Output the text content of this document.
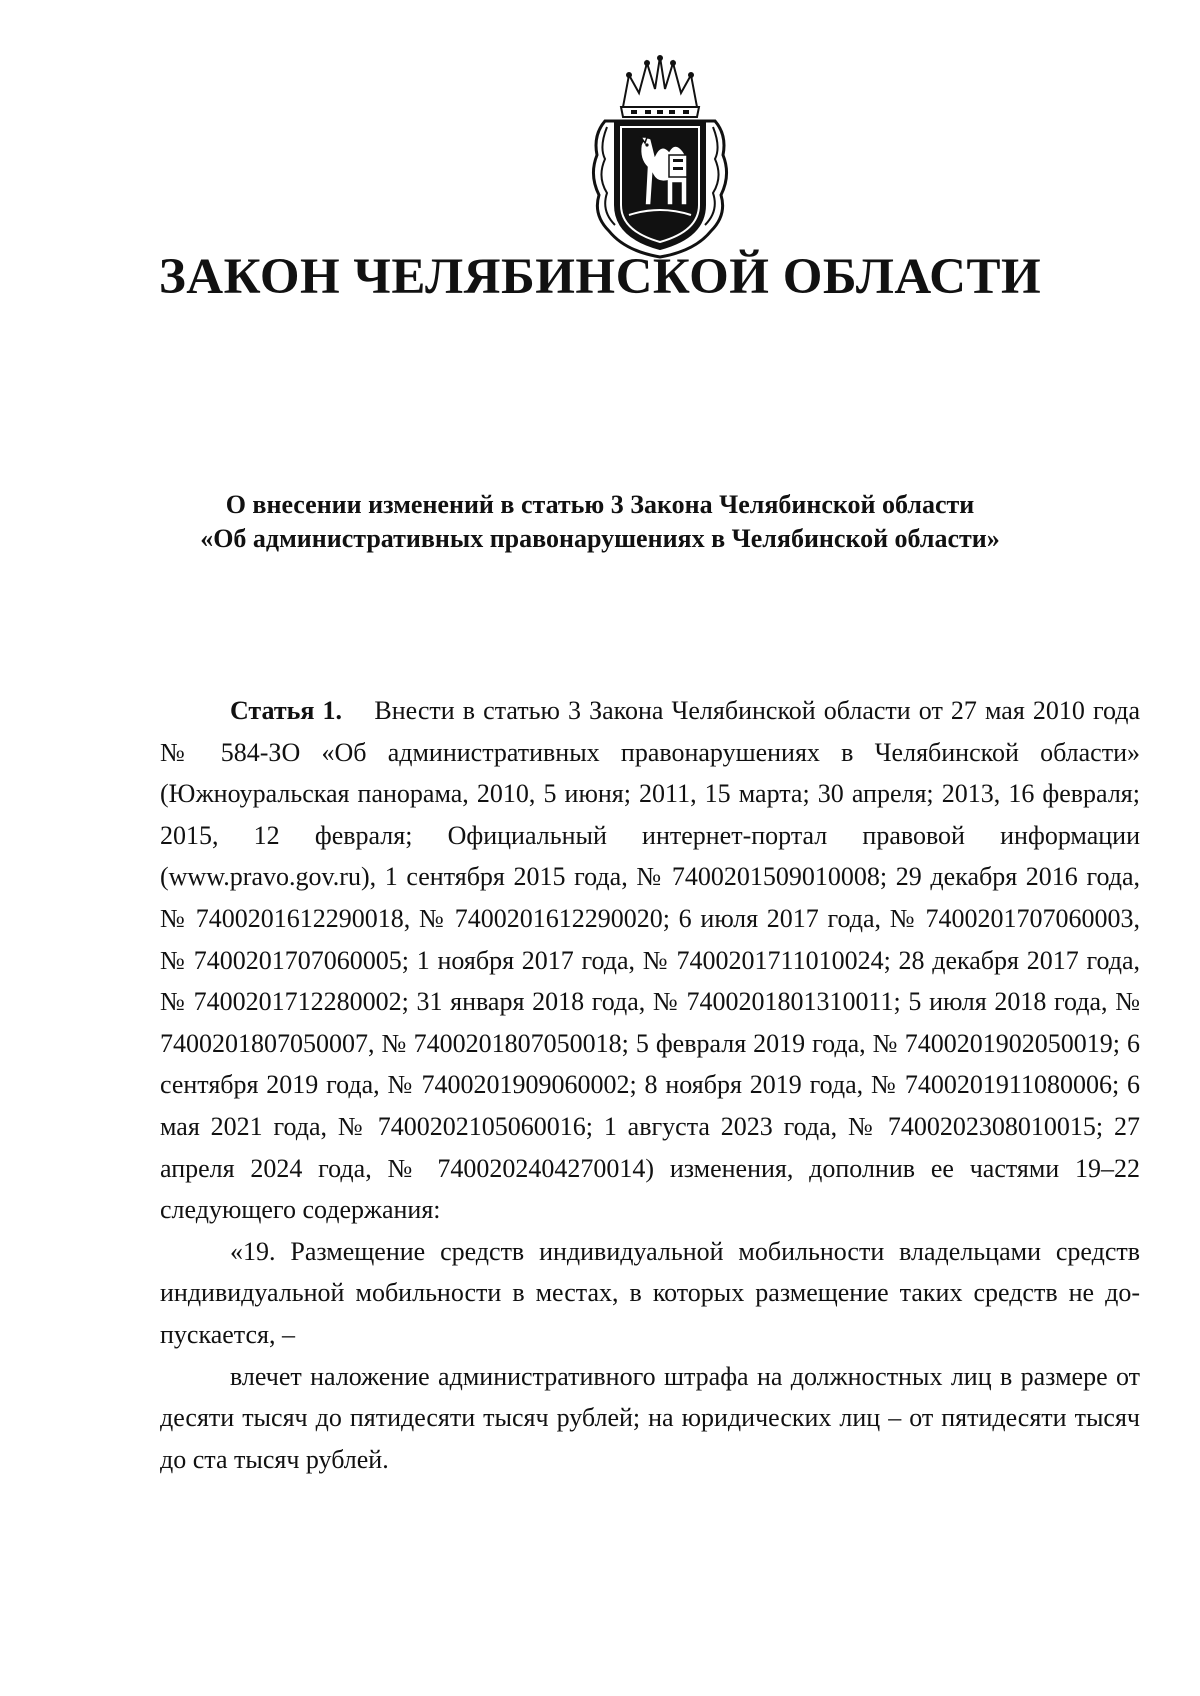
ЗАКОН ЧЕЛЯБИНСКОЙ ОБЛАСТИ
О внесении изменений в статью 3 Закона Челябинской области
«Об административных правонарушениях в Челябинской области»

Статья 1. Внести в статью 3 Закона Челябинской области от 27 мая 2010 года № 584-ЗО «Об административных правонарушениях в Челябинской области» (Южноуральская панорама, 2010, 5 июня; 2011, 15 марта; 30 апреля; 2013, 16 февраля; 2015, 12 февраля; Официальный интернет-портал правовой информации (www.pravo.gov.ru), 1 сентября 2015 года, № 7400201509010008; 29 декабря 2016 года, № 7400201612290018, № 7400201612290020; 6 июля 2017 года, № 7400201707060003, № 7400201707060005; 1 ноября 2017 года, № 7400201711010024; 28 декабря 2017 года, № 7400201712280002; 31 января 2018 года, № 7400201801310011; 5 июля 2018 года, № 7400201807050007, № 7400201807050018; 5 февраля 2019 года, № 7400201902050019; 6 сентября 2019 года, № 7400201909060002; 8 ноября 2019 года, № 7400201911080006; 6 мая 2021 года, № 7400202105060016; 1 августа 2023 года, № 7400202308010015; 27 апреля 2024 года, № 7400202404270014) изменения, дополнив ее частями 19–22 следующего содержания:

«19. Размещение средств индивидуальной мобильности владельцами средств индивидуальной мобильности в местах, в которых размещение таких средств не допускается, –

влечет наложение административного штрафа на должностных лиц в размере от десяти тысяч до пятидесяти тысяч рублей; на юридических лиц – от пятидесяти тысяч до ста тысяч рублей.
